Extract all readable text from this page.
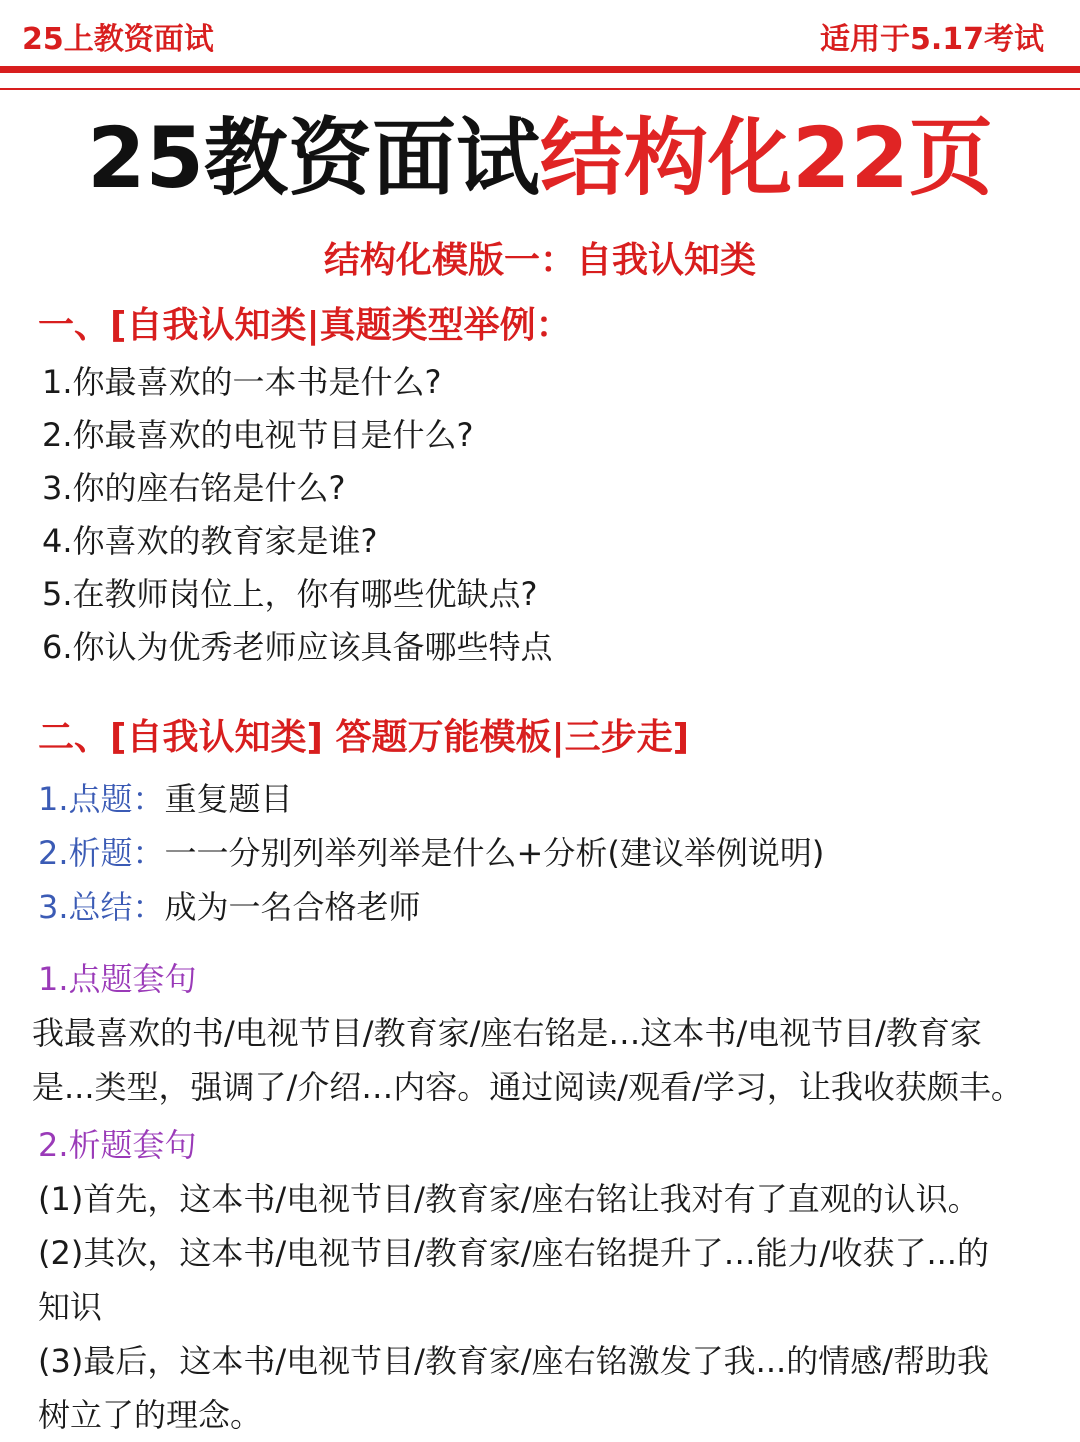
25上教资面试	适用于5.17考试
25教资面试结构化22页
结构化模版一：自我认知类
一、[自我认知类|真题类型举例：
1.你最喜欢的一本书是什么?
2.你最喜欢的电视节目是什么?
3.你的座右铭是什么?
4.你喜欢的教育家是谁?
5.在教师岗位上，你有哪些优缺点?
6.你认为优秀老师应该具备哪些特点
二、[自我认知类] 答题万能模板|三步走]
1.点题：重复题目
2.析题：一一分别列举列举是什么+分析(建议举例说明)
3.总结：成为一名合格老师
1.点题套句

我最喜欢的书/电视节目/教育家/座右铭是…这本书/电视节目/教育家

是...类型，强调了/介绍…内容。通过阅读/观看/学习，让我收获颇丰。

2.析题套句

(1)首先，这本书/电视节目/教育家/座右铭让我对有了直观的认识。

(2)其次，这本书/电视节目/教育家/座右铭提升了…能力/收获了...的

知识

(3)最后，这本书/电视节目/教育家/座右铭激发了我...的情感/帮助我

树立了的理念。
